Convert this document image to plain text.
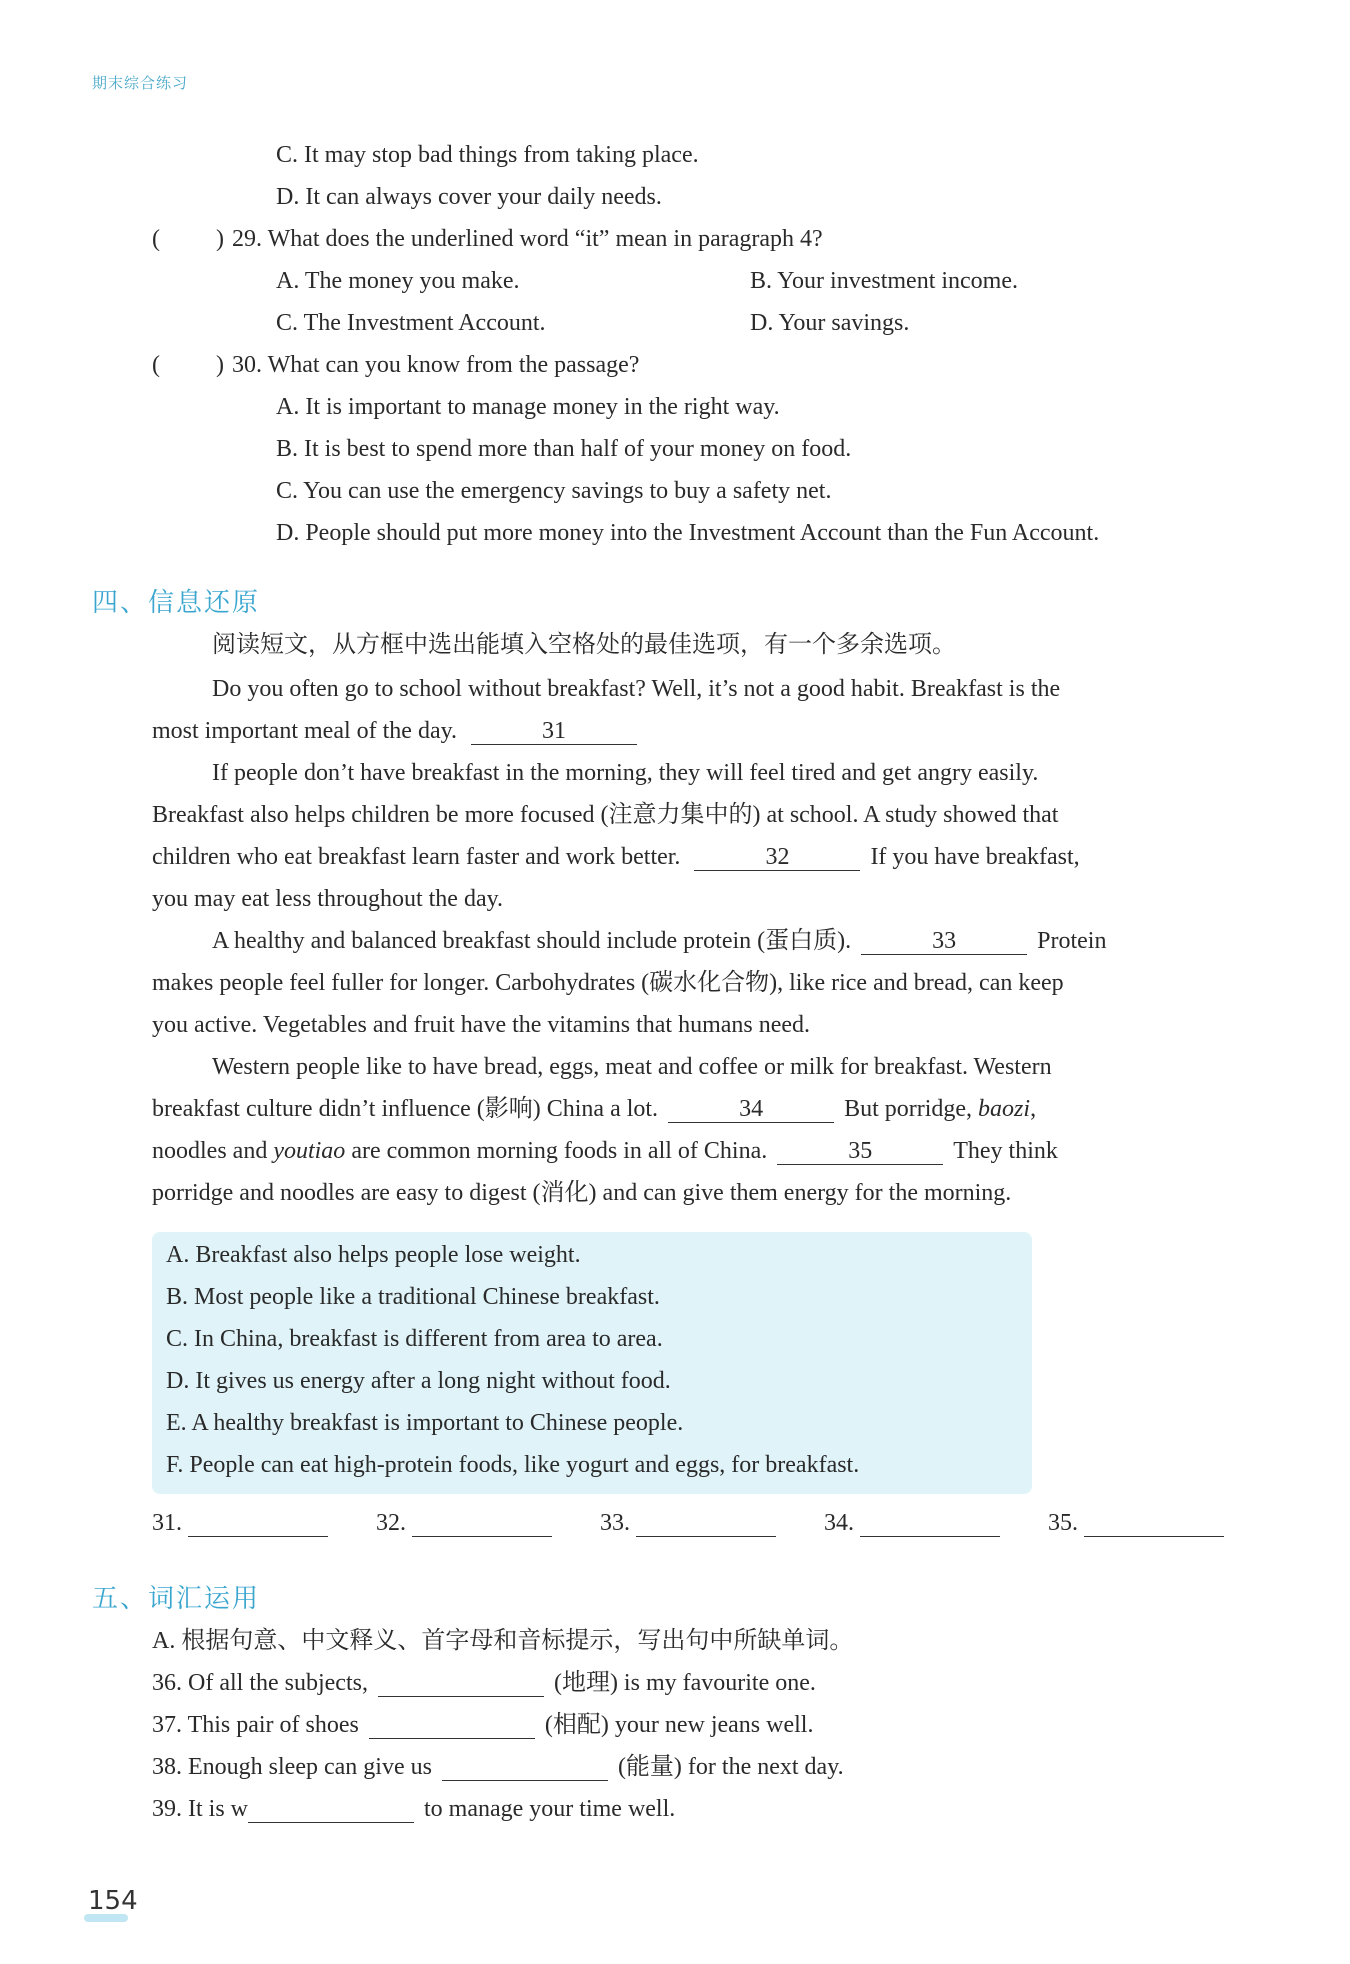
期末综合练习
C. It may stop bad things from taking place.
D. It can always cover your daily needs.
( ) 29. What does the underlined word “it” mean in paragraph 4?
A. The money you make.	B. Your investment income.
C. The Investment Account.	D. Your savings.
( ) 30. What can you know from the passage?
A. It is important to manage money in the right way.
B. It is best to spend more than half of your money on food.
C. You can use the emergency savings to buy a safety net.
D. People should put more money into the Investment Account than the Fun Account.
四、信息还原
阅读短文，从方框中选出能填入空格处的最佳选项，有一个多余选项。
Do you often go to school without breakfast? Well, it’s not a good habit. Breakfast is the
most important meal of the day.	31
If people don’t have breakfast in the morning, they will feel tired and get angry easily.
Breakfast also helps children be more focused (注意力集中的) at school. A study showed that
children who eat breakfast learn faster and work better.	32	If you have breakfast,
you may eat less throughout the day.
A healthy and balanced breakfast should include protein (蛋白质).	33	Protein
makes people feel fuller for longer. Carbohydrates (碳水化合物), like rice and bread, can keep
you active. Vegetables and fruit have the vitamins that humans need.
Western people like to have bread, eggs, meat and coffee or milk for breakfast. Western
breakfast culture didn’t influence (影响) China a lot.	34	But porridge, baozi,
noodles and youtiao are common morning foods in all of China.	35	They think
porridge and noodles are easy to digest (消化) and can give them energy for the morning.
A. Breakfast also helps people lose weight.
B. Most people like a traditional Chinese breakfast.
C. In China, breakfast is different from area to area.
D. It gives us energy after a long night without food.
E. A healthy breakfast is important to Chinese people.
F. People can eat high-protein foods, like yogurt and eggs, for breakfast.
31.	32.	33.	34.	35.
五、词汇运用
A. 根据句意、中文释义、首字母和音标提示，写出句中所缺单词。
36. Of all the subjects,	(地理) is my favourite one.
37. This pair of shoes	(相配) your new jeans well.
38. Enough sleep can give us	(能量) for the next day.
39. It is w	to manage your time well.
154
